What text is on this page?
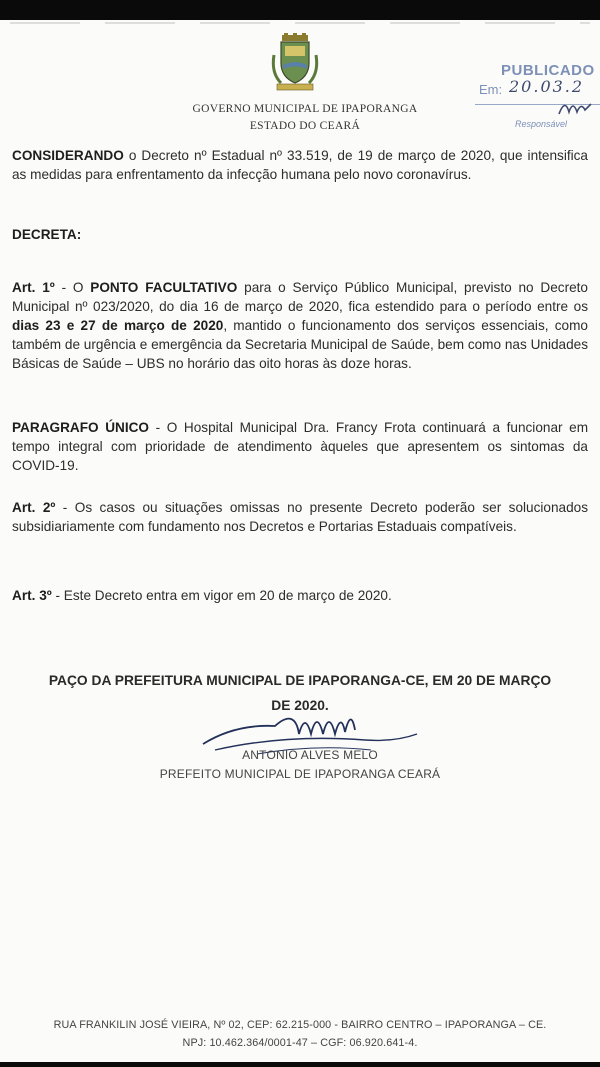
GOVERNO MUNICIPAL DE IPAPORANGA
ESTADO DO CEARÁ
PUBLICADO
Em: 20.03.2
Responsável
CONSIDERANDO o Decreto nº Estadual nº 33.519, de 19 de março de 2020, que intensifica as medidas para enfrentamento da infecção humana pelo novo coronavírus.
DECRETA:
Art. 1º - O PONTO FACULTATIVO para o Serviço Público Municipal, previsto no Decreto Municipal nº 023/2020, do dia 16 de março de 2020, fica estendido para o período entre os dias 23 e 27 de março de 2020, mantido o funcionamento dos serviços essenciais, como também de urgência e emergência da Secretaria Municipal de Saúde, bem como nas Unidades Básicas de Saúde – UBS no horário das oito horas às doze horas.
PARAGRAFO ÚNICO - O Hospital Municipal Dra. Francy Frota continuará a funcionar em tempo integral com prioridade de atendimento àqueles que apresentem os sintomas da COVID-19.
Art. 2º - Os casos ou situações omissas no presente Decreto poderão ser solucionados subsidiariamente com fundamento nos Decretos e Portarias Estaduais compatíveis.
Art. 3º - Este Decreto entra em vigor em 20 de março de 2020.
PAÇO DA PREFEITURA MUNICIPAL DE IPAPORANGA-CE, EM 20 DE MARÇO
DE 2020.
ANTONIO ALVES MELO
PREFEITO MUNICIPAL DE IPAPORANGA CEARÁ
RUA FRANKILIN JOSÉ VIEIRA, Nº 02, CEP: 62.215-000 - BAIRRO CENTRO – IPAPORANGA – CE.
NPJ: 10.462.364/0001-47 – CGF: 06.920.641-4.
